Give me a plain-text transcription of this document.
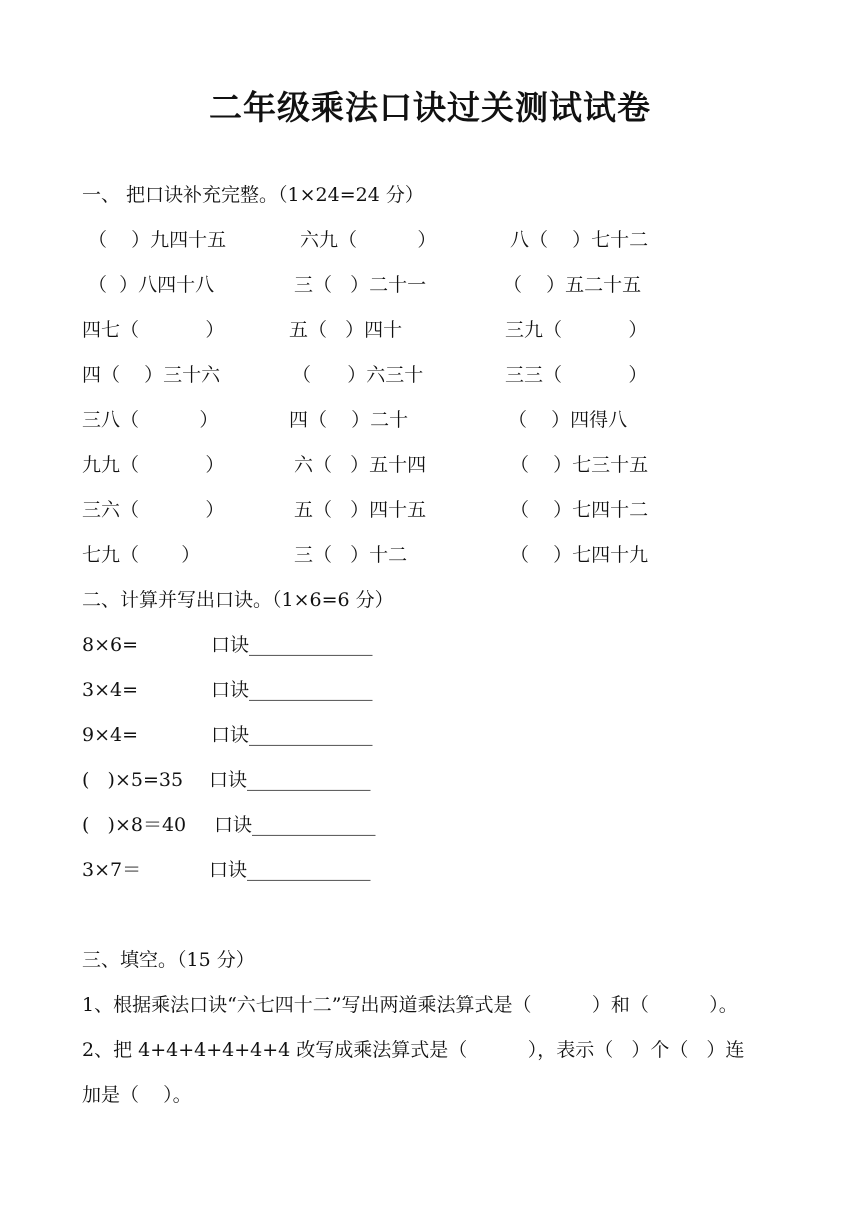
二年级乘法口诀过关测试试卷
一、 把口诀补充完整。（1×24=24 分）
（    ）九四十五	六九（          ）	八（    ）七十二
（  ）八四十八	三（   ）二十一	（    ）五二十五
四七（           ）	五（   ）四十	三九（           ）
四（    ）三十六	（      ）六三十	三三（           ）
三八（          ）	四（    ）二十	（    ）四得八
九九（           ）	六（   ）五十四	（    ）七三十五
三六（           ）	五（   ）四十五	（    ）七四十二
七九（       ）	三（   ）十二	（    ）七四十九
二、计算并写出口诀。（1×6=6 分）
8×6=	口诀_____________
3×4=	口诀_____________
9×4=	口诀_____________
(   )×5=35 口诀_____________
(   )×8＝40 口诀_____________
3×7＝	口诀_____________
三、填空。（15 分）
1、根据乘法口诀“六七四十二”写出两道乘法算式是（          ）和（          ）。
2、把 4+4+4+4+4+4 改写成乘法算式是（          ），表示（   ）个（   ）连
加是（    ）。
